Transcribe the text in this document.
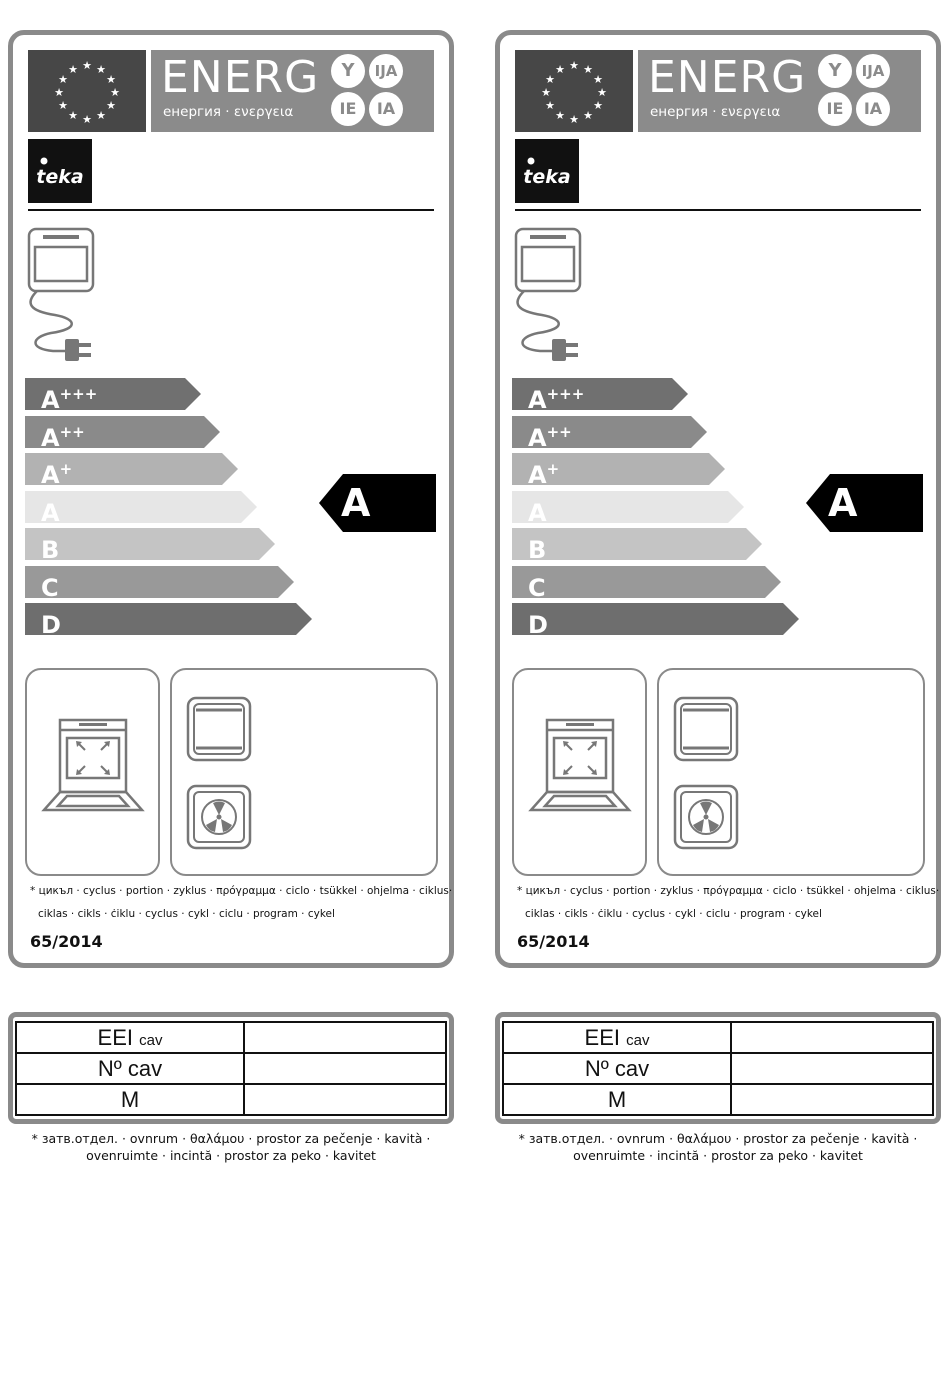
★ ★
★
★
★
★
★
★
★
★
★
★ ENERG
енергия · ενεργεια
Y	IJA
IE	IA
teka
A+++
A++
A+
A
B
C
D
A
* цикъл · cyclus · portion · zyklus · πρόγραμμα · ciclo · tsükkel · ohjelma · ciklus·
ciklas · cikls · ċiklu · cyclus · cykl · ciclu · program · cykel
65/2014
EEI cav	
Nº cav	
M	
* затв.отдел. · ovnrum · θαλάμου · prostor za pečenje · kavità · ovenruimte · incintă · prostor za peko · kavitet
★ ★
★
★
★
★
★
★
★
★
★
★ ENERG
енергия · ενεργεια
Y	IJA
IE	IA
teka
A+++
A++
A+
A
B
C
D
A
* цикъл · cyclus · portion · zyklus · πρόγραμμα · ciclo · tsükkel · ohjelma · ciklus·
ciklas · cikls · ċiklu · cyclus · cykl · ciclu · program · cykel
65/2014
EEI cav	
Nº cav	
M	
* затв.отдел. · ovnrum · θαλάμου · prostor za pečenje · kavità · ovenruimte · incintă · prostor za peko · kavitet
